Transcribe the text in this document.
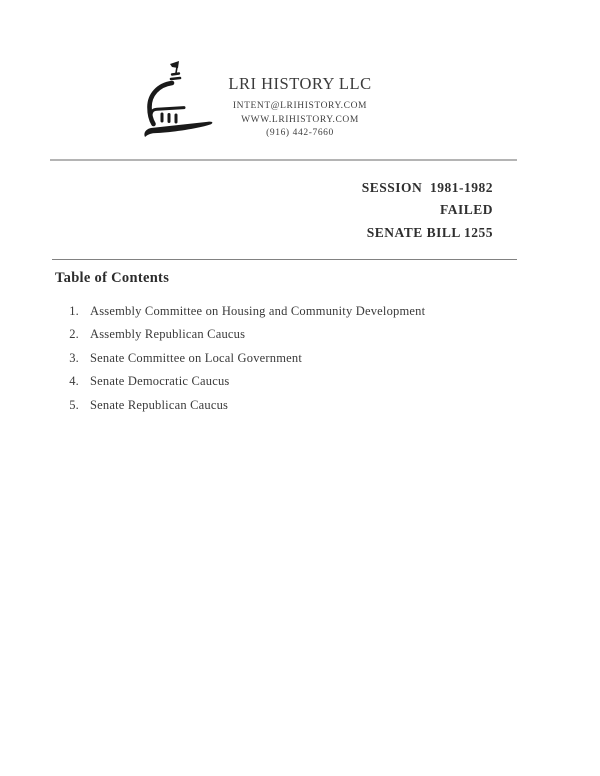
LRI HISTORY LLC
INTENT@LRIHISTORY.COM
WWW.LRIHISTORY.COM
(916) 442-7660
SESSION  1981-1982
FAILED
SENATE BILL 1255
Table of Contents
1. Assembly Committee on Housing and Community Development
2. Assembly Republican Caucus
3. Senate Committee on Local Government
4. Senate Democratic Caucus
5. Senate Republican Caucus
